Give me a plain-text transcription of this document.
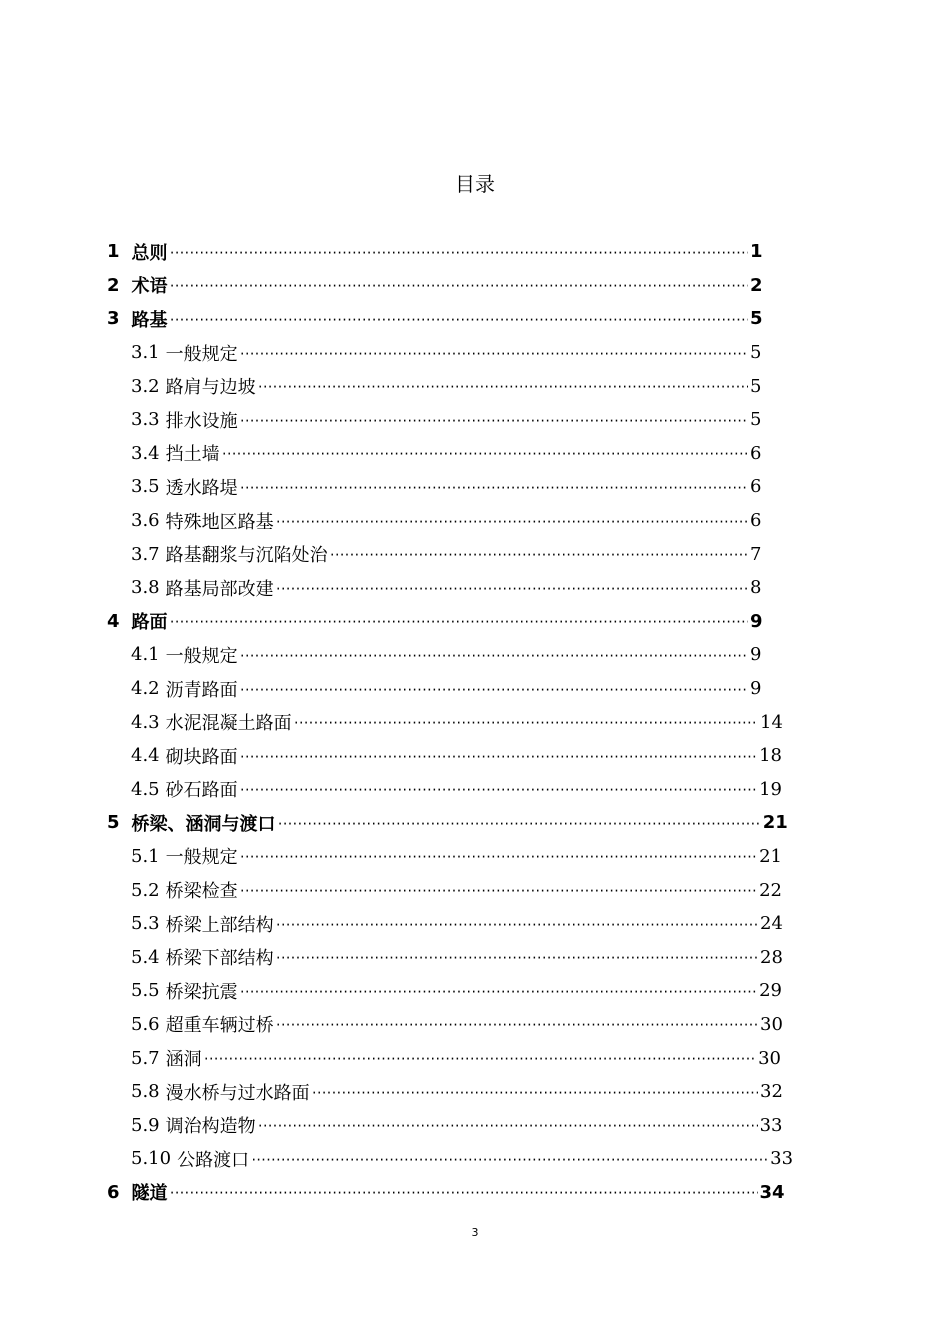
目录
1 总则 ·····	1
2 术语 ·····	2
3 路基 ·····	5
3.1 一般规定 ·····	5
3.2 路肩与边坡 ·····	5
3.3 排水设施 ·····	5
3.4 挡土墙 ·····	6
3.5 透水路堤 ·····	6
3.6 特殊地区路基 ·····	6
3.7 路基翻浆与沉陷处治 ·····	7
3.8 路基局部改建 ·····	8
4 路面 ·····	9
4.1 一般规定 ·····	9
4.2 沥青路面 ·····	9
4.3 水泥混凝土路面 ·····	14
4.4 砌块路面 ·····	18
4.5 砂石路面 ·····	19
5 桥梁、涵洞与渡口 ·····	21
5.1 一般规定 ·····	21
5.2 桥梁检查 ·····	22
5.3 桥梁上部结构 ·····	24
5.4 桥梁下部结构 ·····	28
5.5 桥梁抗震 ·····	29
5.6 超重车辆过桥 ·····	30
5.7 涵洞 ·····	30
5.8 漫水桥与过水路面 ·····	32
5.9 调治构造物 ·····	33
5.10 公路渡口 ·····	33
6 隧道 ·····	34
3
